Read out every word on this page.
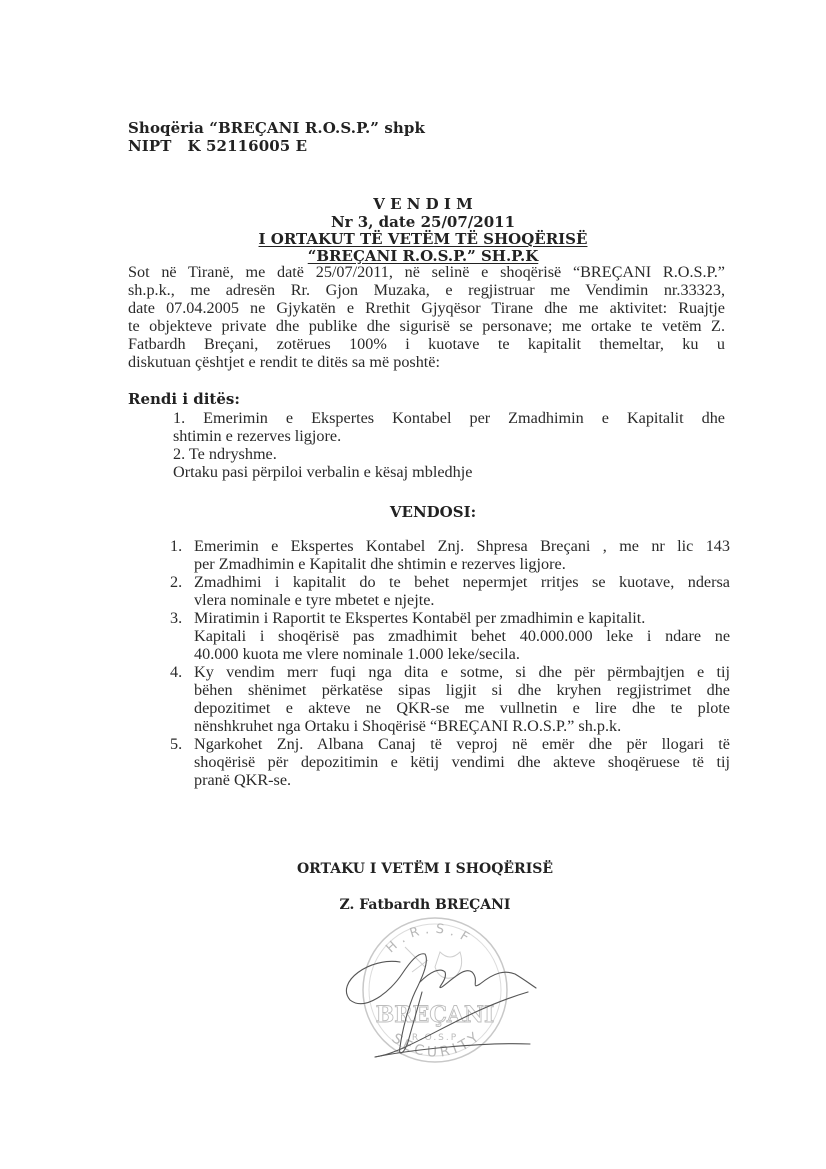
Shoqëria “BREÇANI R.O.S.P.” shpk
NIPT K 52116005 E
V E N D I M
Nr 3, date 25/07/2011
I ORTAKUT TË VETËM TË SHOQËRISË
“BREÇANI R.O.S.P.” SH.P.K
Sot në Tiranë, me datë 25/07/2011, në selinë e shoqërisë “BREÇANI R.O.S.P.”
sh.p.k., me adresën Rr. Gjon Muzaka, e regjistruar me Vendimin nr.33323,
date 07.04.2005 ne Gjykatën e Rrethit Gjyqësor Tirane dhe me aktivitet: Ruajtje
te objekteve private dhe publike dhe sigurisë se personave; me ortake te vetëm Z.
Fatbardh Breçani, zotërues 100% i kuotave te kapitalit themeltar, ku u
diskutuan çështjet e rendit te ditës sa më poshtë:
Rendi i ditës:
1. Emerimin e Ekspertes Kontabel per Zmadhimin e Kapitalit dhe
shtimin e rezerves ligjore.
2. Te ndryshme.
Ortaku pasi përpiloi verbalin e kësaj mbledhje
VENDOSI:
1. Emerimin e Ekspertes Kontabel Znj. Shpresa Breçani , me nr lic 143
per Zmadhimin e Kapitalit dhe shtimin e rezerves ligjore.
2. Zmadhimi i kapitalit do te behet nepermjet rritjes se kuotave, ndersa
vlera nominale e tyre mbetet e njejte.
3. Miratimin i Raportit te Ekspertes Kontabël per zmadhimin e kapitalit.
Kapitali i shoqërisë pas zmadhimit behet 40.000.000 leke i ndare ne
40.000 kuota me vlere nominale 1.000 leke/secila.
4. Ky vendim merr fuqi nga dita e sotme, si dhe për përmbajtjen e tij
bëhen shënimet përkatëse sipas ligjit si dhe kryhen regjistrimet dhe
depozitimet e akteve ne QKR-se me vullnetin e lire dhe te plote
nënshkruhet nga Ortaku i Shoqërisë “BREÇANI R.O.S.P.” sh.p.k.
5. Ngarkohet Znj. Albana Canaj të veproj në emër dhe për llogari të
shoqërisë për depozitimin e këtij vendimi dhe akteve shoqëruese të tij
pranë QKR-se.
ORTAKU I VETËM I SHOQËRISË
Z. Fatbardh BREÇANI
H.R.S.F
BREÇANI
R.O.S.P
SECURITY
